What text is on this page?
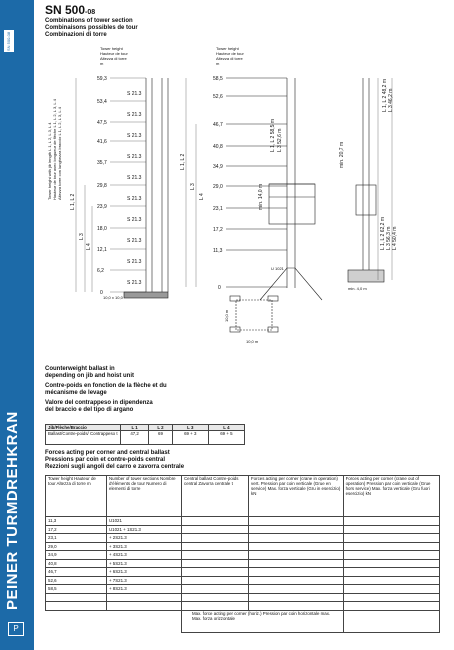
SN 500-08
PEINER TURMDREHKRAN
P
SN 500-08
Combinations of tower section
Combinaisons possibles de tour
Combinazioni di torre
Tower height
Hauteur de tour
Altezza di torre
m
10,0 x 10,0
Tower height with jib length L 1, L 2, L 3, L 4 Hauteur de tour avec longueur de flèche L 1, L 2, L 3, L 4 Altezza torre con lunghezza braccio L 1, L 2, L 3, L 4
Tower height
Hauteur de tour
Altezza di torre
m
U 1021
10,0 m
10,0 m
min. 4,0 m
59,3
53,4
47,5
41,6
35,7
29,8
23,9
18,0
12,1
6,2
0
S 21.3
S 21.3
S 21.3
S 21.3
S 21.3
S 21.3
S 21.3
S 21.3
S 21.3
S 21.3
L 1, L 2
L 3
L 4
58,5
52,6
46,7
40,8
34,9
29,0
23,1
17,2
11,3
0
L 1, L 2
L 3
L 4
L 1, L 2 58,5 m L 3 52,6 m
min. 14,0 m
L 1, L 2 48,2 m L 3 46,2 m
L 1, L 2 62,2 m L 3 56,3 m L 4 50,4 m
min. 20,7 m
Counterweight ballast in
depending on jib and hoist unit
Contre-poids en fonction de la flèche et du
mécanisme de levage
Valore del contrappeso in dipendenza
del braccio e del tipo di argano
Jib/Flèche/Braccio	L 1	L 2	L 3	L 4
Ballast/Contre-poids/ Contrappeso t	47,2	69	69 + 3	69 + 5
Forces acting per corner and central ballast
Pressions par coin et contre-poids central
Rezzioni sugli angoli del carro e zavorra centrale
Tower height Hauteur de tour Altezza di torre m	Number of tower sections Nombre d'éléments de tour Numero di elementi di torre	Central ballast Contre-poids central Zavorra centrale t	Forces acting per corner (crane in operation) vert. Pression par coin verticale (Grue en service) Max. forza verticale (Gru in esercizio) kN	Forces acting per corner (crane out of operation) Pression par coin verticale (Grue hors service) Max. forza verticale (Gru fuori esercizio) kN
11,3	U1021			
17,2	U1021 + 1S21.3			
23,1	+ 2S21.3			
29,0	+ 3S21.3			
34,9	+ 4S21.3			
40,8	+ 5S21.3			
46,7	+ 6S21.3			
52,6	+ 7S21.3			
58,5	+ 8S21.3			

		Max. force acting per corner (horiz.) Pression par coin horizontale max. Max. forza orizzontale		
